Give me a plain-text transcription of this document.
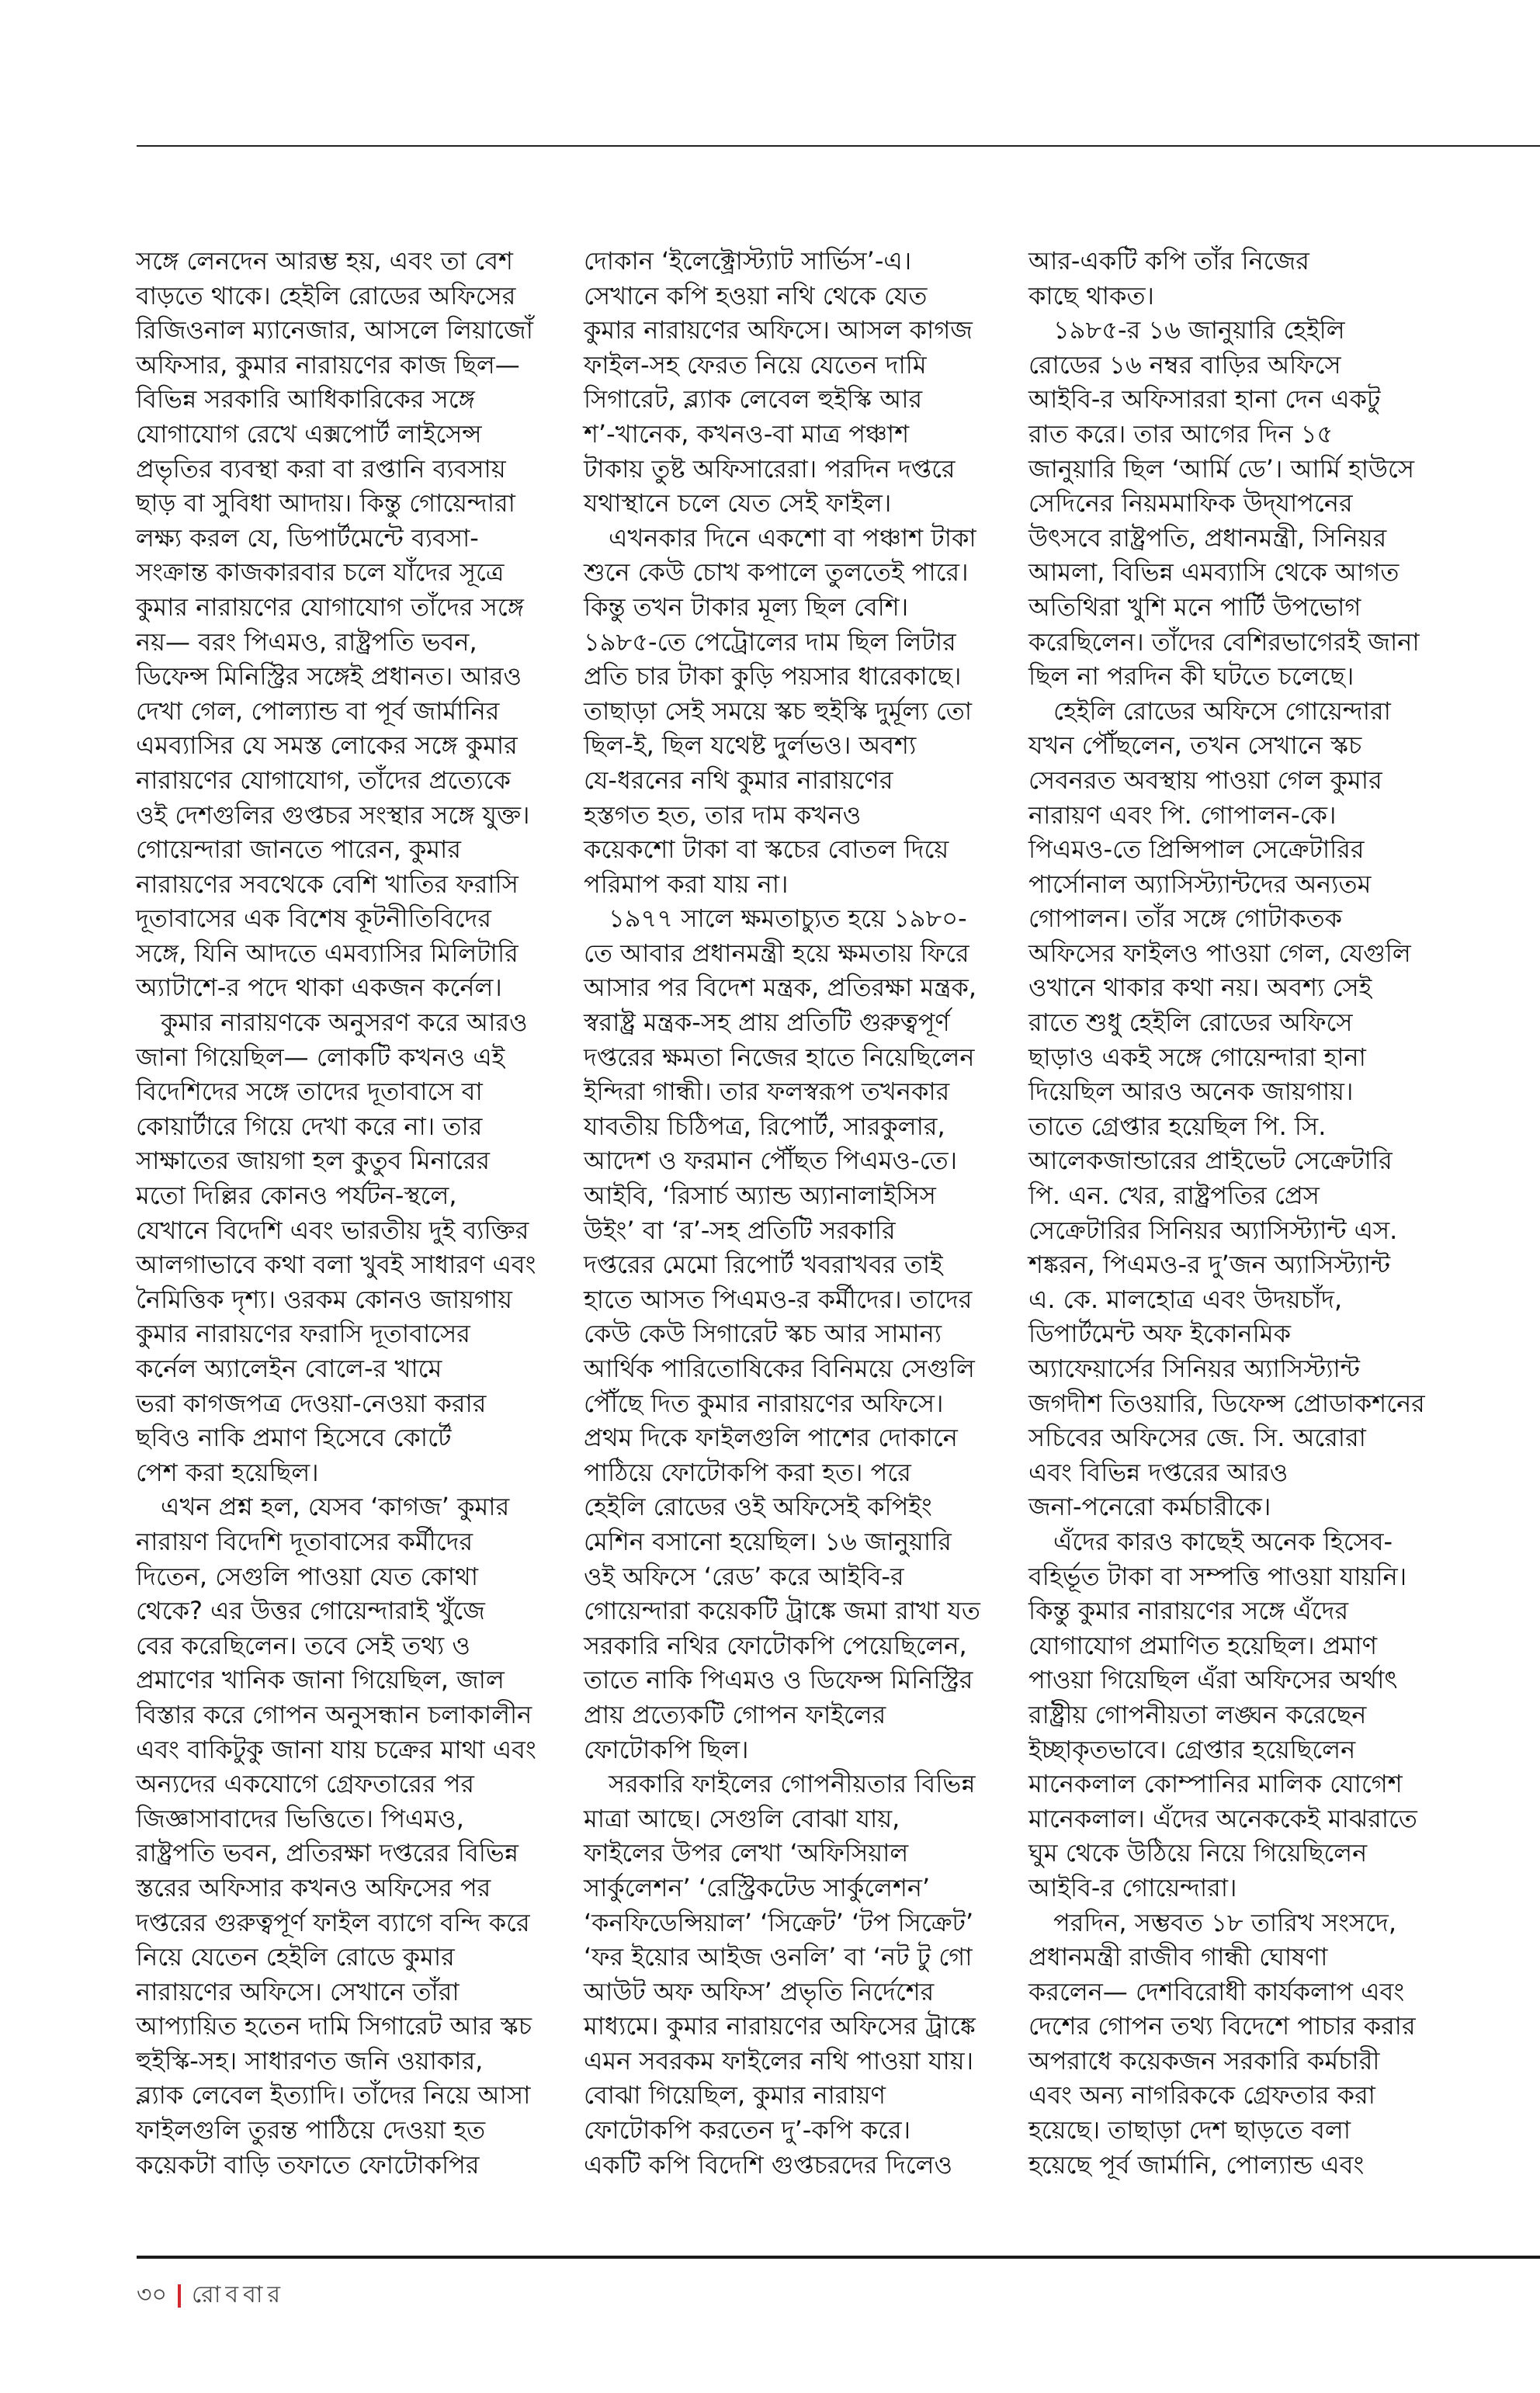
সঙ্গে লেনদেন আরম্ভ হয়, এবং তা বেশ
বাড়তে থাকে। হেইলি রোডের অফিসের
রিজিওনাল ম্যানেজার, আসলে লিয়াজোঁ
অফিসার, কুমার নারায়ণের কাজ ছিল—
বিভিন্ন সরকারি আধিকারিকের সঙ্গে
যোগাযোগ রেখে এক্সপোর্ট লাইসেন্স
প্রভৃতির ব্যবস্থা করা বা রপ্তানি ব্যবসায়
ছাড় বা সুবিধা আদায়। কিন্তু গোয়েন্দারা
লক্ষ্য করল যে, ডিপার্টমেন্টে ব্যবসা-
সংক্রান্ত কাজকারবার চলে যাঁদের সূত্রে
কুমার নারায়ণের যোগাযোগ তাঁদের সঙ্গে
নয়— বরং পিএমও, রাষ্ট্রপতি ভবন,
ডিফেন্স মিনিস্ট্রির সঙ্গেই প্রধানত। আরও
দেখা গেল, পোল্যান্ড বা পূর্ব জার্মানির
এমব্যাসির যে সমস্ত লোকের সঙ্গে কুমার
নারায়ণের যোগাযোগ, তাঁদের প্রত্যেকে
ওই দেশগুলির গুপ্তচর সংস্থার সঙ্গে যুক্ত।
গোয়েন্দারা জানতে পারেন, কুমার
নারায়ণের সবথেকে বেশি খাতির ফরাসি
দূতাবাসের এক বিশেষ কূটনীতিবিদের
সঙ্গে, যিনি আদতে এমব্যাসির মিলিটারি
অ্যাটাশে-র পদে থাকা একজন কর্নেল।
কুমার নারায়ণকে অনুসরণ করে আরও
জানা গিয়েছিল— লোকটি কখনও এই
বিদেশিদের সঙ্গে তাদের দূতাবাসে বা
কোয়ার্টারে গিয়ে দেখা করে না। তার
সাক্ষাতের জায়গা হল কুতুব মিনারের
মতো দিল্লির কোনও পর্যটন-স্থলে,
যেখানে বিদেশি এবং ভারতীয় দুই ব্যক্তির
আলগাভাবে কথা বলা খুবই সাধারণ এবং
নৈমিত্তিক দৃশ্য। ওরকম কোনও জায়গায়
কুমার নারায়ণের ফরাসি দূতাবাসের
কর্নেল অ্যালেইন বোলে-র খামে
ভরা কাগজপত্র দেওয়া-নেওয়া করার
ছবিও নাকি প্রমাণ হিসেবে কোর্টে
পেশ করা হয়েছিল।
এখন প্রশ্ন হল, যেসব ‘কাগজ’ কুমার
নারায়ণ বিদেশি দূতাবাসের কর্মীদের
দিতেন, সেগুলি পাওয়া যেত কোথা
থেকে? এর উত্তর গোয়েন্দারাই খুঁজে
বের করেছিলেন। তবে সেই তথ্য ও
প্রমাণের খানিক জানা গিয়েছিল, জাল
বিস্তার করে গোপন অনুসন্ধান চলাকালীন
এবং বাকিটুকু জানা যায় চক্রের মাথা এবং
অন্যদের একযোগে গ্রেফতারের পর
জিজ্ঞাসাবাদের ভিত্তিতে। পিএমও,
রাষ্ট্রপতি ভবন, প্রতিরক্ষা দপ্তরের বিভিন্ন
স্তরের অফিসার কখনও অফিসের পর
দপ্তরের গুরুত্বপূর্ণ ফাইল ব্যাগে বন্দি করে
নিয়ে যেতেন হেইলি রোডে কুমার
নারায়ণের অফিসে। সেখানে তাঁরা
আপ্যায়িত হতেন দামি সিগারেট আর স্কচ
হুইস্কি-সহ। সাধারণত জনি ওয়াকার,
ব্ল্যাক লেবেল ইত্যাদি। তাঁদের নিয়ে আসা
ফাইলগুলি তুরন্ত পাঠিয়ে দেওয়া হত
কয়েকটা বাড়ি তফাতে ফোটোকপির
দোকান ‘ইলেক্ট্রোস্ট্যাট সার্ভিস’-এ।
সেখানে কপি হওয়া নথি থেকে যেত
কুমার নারায়ণের অফিসে। আসল কাগজ
ফাইল-সহ ফেরত নিয়ে যেতেন দামি
সিগারেট, ব্ল্যাক লেবেল হুইস্কি আর
শ’-খানেক, কখনও-বা মাত্র পঞ্চাশ
টাকায় তুষ্ট অফিসারেরা। পরদিন দপ্তরে
যথাস্থানে চলে যেত সেই ফাইল।
এখনকার দিনে একশো বা পঞ্চাশ টাকা
শুনে কেউ চোখ কপালে তুলতেই পারে।
কিন্তু তখন টাকার মূল্য ছিল বেশি।
১৯৮৫-তে পেট্রোলের দাম ছিল লিটার
প্রতি চার টাকা কুড়ি পয়সার ধারেকাছে।
তাছাড়া সেই সময়ে স্কচ হুইস্কি দুর্মূল্য তো
ছিল-ই, ছিল যথেষ্ট দুর্লভও। অবশ্য
যে-ধরনের নথি কুমার নারায়ণের
হস্তগত হত, তার দাম কখনও
কয়েকশো টাকা বা স্কচের বোতল দিয়ে
পরিমাপ করা যায় না।
১৯৭৭ সালে ক্ষমতাচ্যুত হয়ে ১৯৮০-
তে আবার প্রধানমন্ত্রী হয়ে ক্ষমতায় ফিরে
আসার পর বিদেশ মন্ত্রক, প্রতিরক্ষা মন্ত্রক,
স্বরাষ্ট্র মন্ত্রক-সহ প্রায় প্রতিটি গুরুত্বপূর্ণ
দপ্তরের ক্ষমতা নিজের হাতে নিয়েছিলেন
ইন্দিরা গান্ধী। তার ফলস্বরূপ তখনকার
যাবতীয় চিঠিপত্র, রিপোর্ট, সারকুলার,
আদেশ ও ফরমান পৌঁছত পিএমও-তে।
আইবি, ‘রিসার্চ অ্যান্ড অ্যানালাইসিস
উইং’ বা ‘র’-সহ প্রতিটি সরকারি
দপ্তরের মেমো রিপোর্ট খবরাখবর তাই
হাতে আসত পিএমও-র কর্মীদের। তাদের
কেউ কেউ সিগারেট স্কচ আর সামান্য
আর্থিক পারিতোষিকের বিনিময়ে সেগুলি
পৌঁছে দিত কুমার নারায়ণের অফিসে।
প্রথম দিকে ফাইলগুলি পাশের দোকানে
পাঠিয়ে ফোটোকপি করা হত। পরে
হেইলি রোডের ওই অফিসেই কপিইং
মেশিন বসানো হয়েছিল। ১৬ জানুয়ারি
ওই অফিসে ‘রেড’ করে আইবি-র
গোয়েন্দারা কয়েকটি ট্রাঙ্কে জমা রাখা যত
সরকারি নথির ফোটোকপি পেয়েছিলেন,
তাতে নাকি পিএমও ও ডিফেন্স মিনিস্ট্রির
প্রায় প্রত্যেকটি গোপন ফাইলের
ফোটোকপি ছিল।
সরকারি ফাইলের গোপনীয়তার বিভিন্ন
মাত্রা আছে। সেগুলি বোঝা যায়,
ফাইলের উপর লেখা ‘অফিসিয়াল
সার্কুলেশন’ ‘রেস্ট্রিকটেড সার্কুলেশন’
‘কনফিডেন্সিয়াল’ ‘সিক্রেট’ ‘টপ সিক্রেট’
‘ফর ইয়োর আইজ ওনলি’ বা ‘নট টু গো
আউট অফ অফিস’ প্রভৃতি নির্দেশের
মাধ্যমে। কুমার নারায়ণের অফিসের ট্রাঙ্কে
এমন সবরকম ফাইলের নথি পাওয়া যায়।
বোঝা গিয়েছিল, কুমার নারায়ণ
ফোটোকপি করতেন দু’-কপি করে।
একটি কপি বিদেশি গুপ্তচরদের দিলেও
আর-একটি কপি তাঁর নিজের
কাছে থাকত।
১৯৮৫-র ১৬ জানুয়ারি হেইলি
রোডের ১৬ নম্বর বাড়ির অফিসে
আইবি-র অফিসাররা হানা দেন একটু
রাত করে। তার আগের দিন ১৫
জানুয়ারি ছিল ‘আর্মি ডে’। আর্মি হাউসে
সেদিনের নিয়মমাফিক উদ্‌যাপনের
উৎসবে রাষ্ট্রপতি, প্রধানমন্ত্রী, সিনিয়র
আমলা, বিভিন্ন এমব্যাসি থেকে আগত
অতিথিরা খুশি মনে পার্টি উপভোগ
করেছিলেন। তাঁদের বেশিরভাগেরই জানা
ছিল না পরদিন কী ঘটতে চলেছে।
হেইলি রোডের অফিসে গোয়েন্দারা
যখন পৌঁছলেন, তখন সেখানে স্কচ
সেবনরত অবস্থায় পাওয়া গেল কুমার
নারায়ণ এবং পি. গোপালন-কে।
পিএমও-তে প্রিন্সিপাল সেক্রেটারির
পার্সোনাল অ্যাসিস্ট্যান্টদের অন্যতম
গোপালন। তাঁর সঙ্গে গোটাকতক
অফিসের ফাইলও পাওয়া গেল, যেগুলি
ওখানে থাকার কথা নয়। অবশ্য সেই
রাতে শুধু হেইলি রোডের অফিসে
ছাড়াও একই সঙ্গে গোয়েন্দারা হানা
দিয়েছিল আরও অনেক জায়গায়।
তাতে গ্রেপ্তার হয়েছিল পি. সি.
আলেকজান্ডারের প্রাইভেট সেক্রেটারি
পি. এন. খের, রাষ্ট্রপতির প্রেস
সেক্রেটারির সিনিয়র অ্যাসিস্ট্যান্ট এস.
শঙ্করন, পিএমও-র দু’জন অ্যাসিস্ট্যান্ট
এ. কে. মালহোত্র এবং উদয়চাঁদ,
ডিপার্টমেন্ট অফ ইকোনমিক
অ্যাফেয়ার্সের সিনিয়র অ্যাসিস্ট্যান্ট
জগদীশ তিওয়ারি, ডিফেন্স প্রোডাকশনের
সচিবের অফিসের জে. সি. অরোরা
এবং বিভিন্ন দপ্তরের আরও
জনা-পনেরো কর্মচারীকে।
এঁদের কারও কাছেই অনেক হিসেব-
বহির্ভূত টাকা বা সম্পত্তি পাওয়া যায়নি।
কিন্তু কুমার নারায়ণের সঙ্গে এঁদের
যোগাযোগ প্রমাণিত হয়েছিল। প্রমাণ
পাওয়া গিয়েছিল এঁরা অফিসের অর্থাৎ
রাষ্ট্রীয় গোপনীয়তা লঙ্ঘন করেছেন
ইচ্ছাকৃতভাবে। গ্রেপ্তার হয়েছিলেন
মানেকলাল কোম্পানির মালিক যোগেশ
মানেকলাল। এঁদের অনেককেই মাঝরাতে
ঘুম থেকে উঠিয়ে নিয়ে গিয়েছিলেন
আইবি-র গোয়েন্দারা।
পরদিন, সম্ভবত ১৮ তারিখ সংসদে,
প্রধানমন্ত্রী রাজীব গান্ধী ঘোষণা
করলেন— দেশবিরোধী কার্যকলাপ এবং
দেশের গোপন তথ্য বিদেশে পাচার করার
অপরাধে কয়েকজন সরকারি কর্মচারী
এবং অন্য নাগরিককে গ্রেফতার করা
হয়েছে। তাছাড়া দেশ ছাড়তে বলা
হয়েছে পূর্ব জার্মানি, পোল্যান্ড এবং
৩০ রোববার
